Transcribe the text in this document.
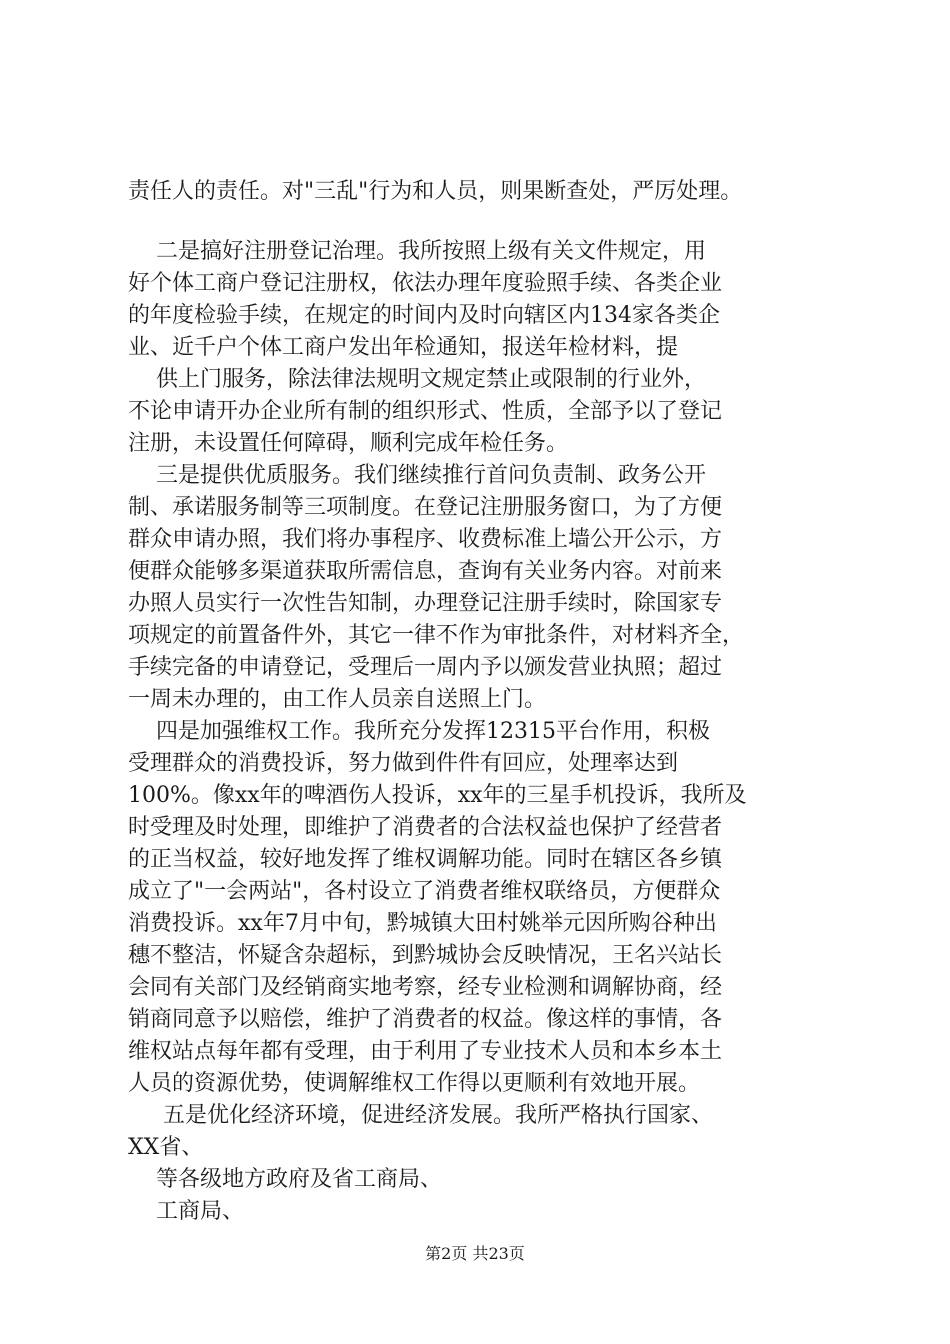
责任人的责任。对"三乱"行为和人员，则果断查处，严厉处理。

二是搞好注册登记治理。我所按照上级有关文件规定，用

好个体工商户登记注册权，依法办理年度验照手续、各类企业

的年度检验手续，在规定的时间内及时向辖区内134家各类企

业、近千户个体工商户发出年检通知，报送年检材料，提

供上门服务，除法律法规明文规定禁止或限制的行业外，

不论申请开办企业所有制的组织形式、性质，全部予以了登记

注册，未设置任何障碍，顺利完成年检任务。

三是提供优质服务。我们继续推行首问负责制、政务公开

制、承诺服务制等三项制度。在登记注册服务窗口，为了方便

群众申请办照，我们将办事程序、收费标准上墙公开公示，方

便群众能够多渠道获取所需信息，查询有关业务内容。对前来

办照人员实行一次性告知制，办理登记注册手续时，除国家专

项规定的前置备件外，其它一律不作为审批条件，对材料齐全，

手续完备的申请登记，受理后一周内予以颁发营业执照；超过

一周未办理的，由工作人员亲自送照上门。

四是加强维权工作。我所充分发挥12315平台作用，积极

受理群众的消费投诉，努力做到件件有回应，处理率达到

100%。像xx年的啤酒伤人投诉，xx年的三星手机投诉，我所及

时受理及时处理，即维护了消费者的合法权益也保护了经营者

的正当权益，较好地发挥了维权调解功能。同时在辖区各乡镇

成立了"一会两站"，各村设立了消费者维权联络员，方便群众

消费投诉。xx年7月中旬，黔城镇大田村姚举元因所购谷种出

穗不整洁，怀疑含杂超标，到黔城协会反映情况，王名兴站长

会同有关部门及经销商实地考察，经专业检测和调解协商，经

销商同意予以赔偿，维护了消费者的权益。像这样的事情，各

维权站点每年都有受理，由于利用了专业技术人员和本乡本土

人员的资源优势，使调解维权工作得以更顺利有效地开展。

五是优化经济环境，促进经济发展。我所严格执行国家、

XX省、

等各级地方政府及省工商局、

工商局、

第2页 共23页
